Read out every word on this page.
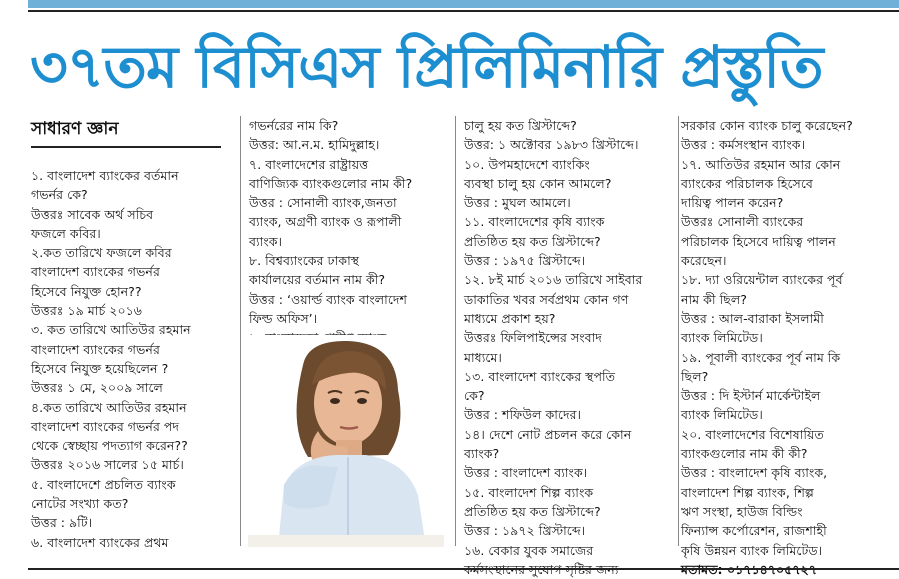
৩৭তম বিসিএস প্রিলিমিনারি প্রস্তুতি
সাধারণ জ্ঞান

১. বাংলাদেশ ব্যাংকের বর্তমান

গভর্নর কে?

উত্তরঃ সাবেক অর্থ সচিব

ফজলে কবির।

২.কত তারিখে ফজলে কবির

বাংলাদেশ ব্যাংকের গভর্নর

হিসেবে নিযুক্ত হোন??

উত্তরঃ ১৯ মার্চ ২০১৬

৩. কত তারিখে আতিউর রহমান

বাংলাদেশ ব্যাংকের গভর্নর

হিসেবে নিযুক্ত হয়েছিলেন ?

উত্তরঃ ১ মে, ২০০৯ সালে

৪.কত তারিখে আতিউর রহমান

বাংলাদেশ ব্যাংকের গভর্নর পদ

থেকে স্বেচ্ছায় পদত্যাগ করেন??

উত্তরঃ ২০১৬ সালের ১৫ মার্চ।

৫. বাংলাদেশে প্রচলিত ব্যাংক

নোটের সংখ্যা কত?

উত্তর : ৯টি।

৬. বাংলাদেশ ব্যাংকের প্রথম

গভর্নরের নাম কি?

উত্তর: আ.ন.ম. হামিদুল্লাহ।

৭. বাংলাদেশের রাষ্ট্রায়ত্ত

বাণিজ্যিক ব্যাংকগুলোর নাম কী?

উত্তর : সোনালী ব্যাংক,জনতা

ব্যাংক, অগ্রণী ব্যাংক ও রূপালী

ব্যাংক।

৮. বিশ্বব্যাংকের ঢাকাস্থ

কার্যালয়ের বর্তমান নাম কী?

উত্তর : ‘ওয়ার্ল্ড ব্যাংক বাংলাদেশ

ফিল্ড অফিস’।

চালু হয় কত খ্রিস্টাব্দে?

উত্তর: ১ অক্টোবর ১৯৮৩ খ্রিস্টাব্দে।

১০. উপমহাদেশে ব্যাংকিং

ব্যবস্থা চালু হয় কোন আমলে?

উত্তর : মুঘল আমলে।

১১. বাংলাদেশের কৃষি ব্যাংক

প্রতিষ্ঠিত হয় কত খ্রিস্টাব্দে?

উত্তর : ১৯৭৫ খ্রিস্টাব্দে।

১২. ৮ই মার্চ ২০১৬ তারিখে সাইবার

ডাকাতির খবর সর্বপ্রথম কোন গণ

মাধ্যমে প্রকাশ হয়?

উত্তরঃ ফিলিপাইন্সের সংবাদ

মাধ্যমে।

১৩. বাংলাদেশ ব্যাংকের স্থপতি

কে?

উত্তর : শফিউল কাদের।

১৪। দেশে নোট প্রচলন করে কোন

ব্যাংক?

উত্তর : বাংলাদেশ ব্যাংক।

১৫. বাংলাদেশ শিল্প ব্যাংক

প্রতিষ্ঠিত হয় কত খ্রিস্টাব্দে?

উত্তর : ১৯৭২ খ্রিস্টাব্দে।

১৬. বেকার যুবক সমাজের

সরকার কোন ব্যাংক চালু করেছেন?

উত্তর : কর্মসংস্থান ব্যাংক।

১৭. আতিউর রহমান আর কোন

ব্যাংকের পরিচালক হিসেবে

দায়িত্ব পালন করেন?

উত্তরঃ সোনালী ব্যাংকের

পরিচালক হিসেবে দায়িত্ব পালন

করেছেন।

১৮. দ্যা ওরিয়েন্টাল ব্যাংকের পূর্ব

নাম কী ছিল?

উত্তর : আল-বারাকা ইসলামী

ব্যাংক লিমিটেড।

১৯. পূবালী ব্যাংকের পূর্ব নাম কি

ছিল?

উত্তর : দি ইস্টার্ন মার্কেন্টাইল

ব্যাংক লিমিটেড।

২০. বাংলাদেশের বিশেষায়িত

ব্যাংকগুলোর নাম কী কী?

উত্তর : বাংলাদেশ কৃষি ব্যাংক,

বাংলাদেশ শিল্প ব্যাংক, শিল্প

ঋণ সংস্থা, হাউজ বিল্ডিং

ফিন্যান্স কর্পোরেশন, রাজশাহী

কৃষি উন্নয়ন ব্যাংক লিমিটেড।
